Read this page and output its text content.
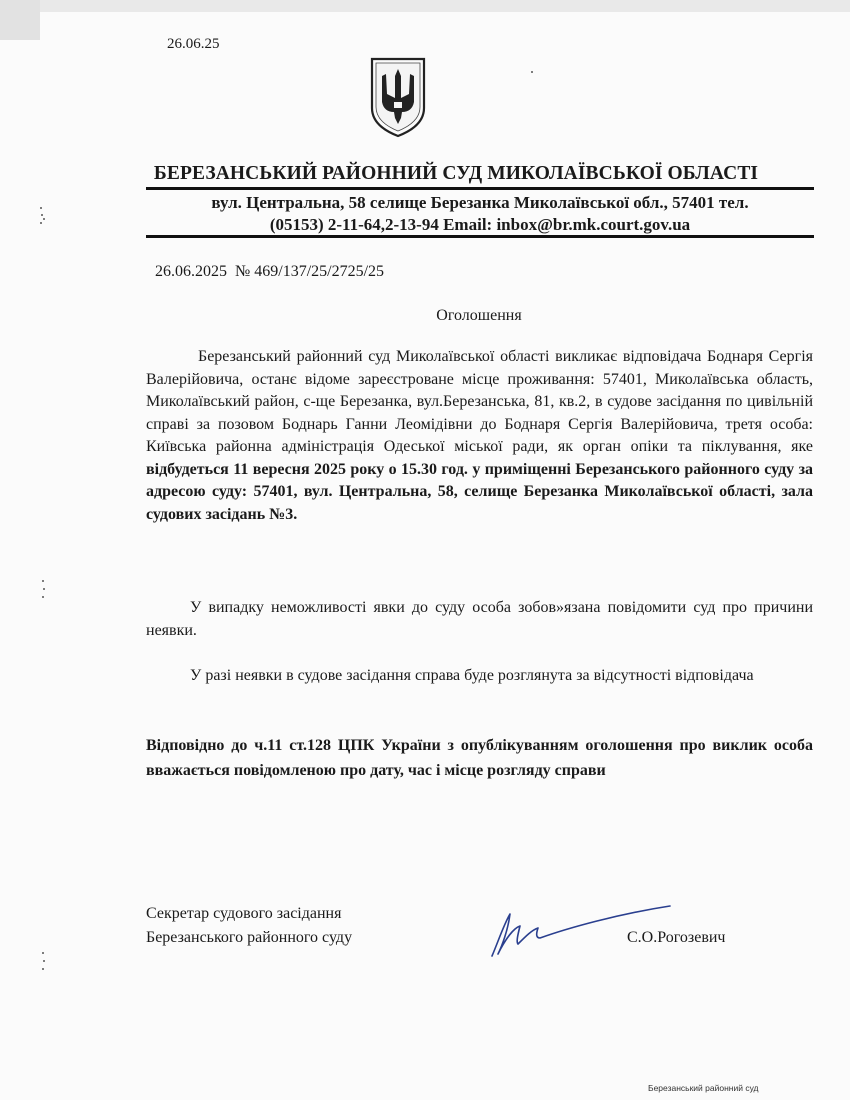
26.06.25
БЕРЕЗАНСЬКИЙ РАЙОННИЙ СУД МИКОЛАЇВСЬКОЇ ОБЛАСТІ
вул. Центральна, 58 селище Березанка Миколаївської обл., 57401 тел.
(05153) 2-11-64,2-13-94 Email: inbox@br.mk.court.gov.ua
26.06.2025 № 469/137/25/2725/25
Оголошення
Березанський районний суд Миколаївської області викликає відповідача Боднаря Сергія Валерійовича, останє відоме зареєстроване місце проживання: 57401, Миколаївська область, Миколаївський район, с-ще Березанка, вул.Березанська, 81, кв.2, в судове засідання по цивільній справі за позовом Боднарь Ганни Леомідівни до Боднаря Сергія Валерійовича, третя особа: Київська районна адміністрація Одеської міської ради, як орган опіки та піклування, яке відбудеться 11 вересня 2025 року о 15.30 год. у приміщенні Березанського районного суду за адресою суду: 57401, вул. Центральна, 58, селище Березанка Миколаївської області, зала судових засідань №3.
У випадку неможливості явки до суду особа зобов»язана повідомити суд про причини неявки.
У разі неявки в судове засідання справа буде розглянута за відсутності відповідача
Відповідно до ч.11 ст.128 ЦПК України з опублікуванням оголошення про виклик особа вважається повідомленою про дату, час і місце розгляду справи
Секретар судового засідання
Березанського районного суду	С.О.Рогозевич
Березанський районний суд
